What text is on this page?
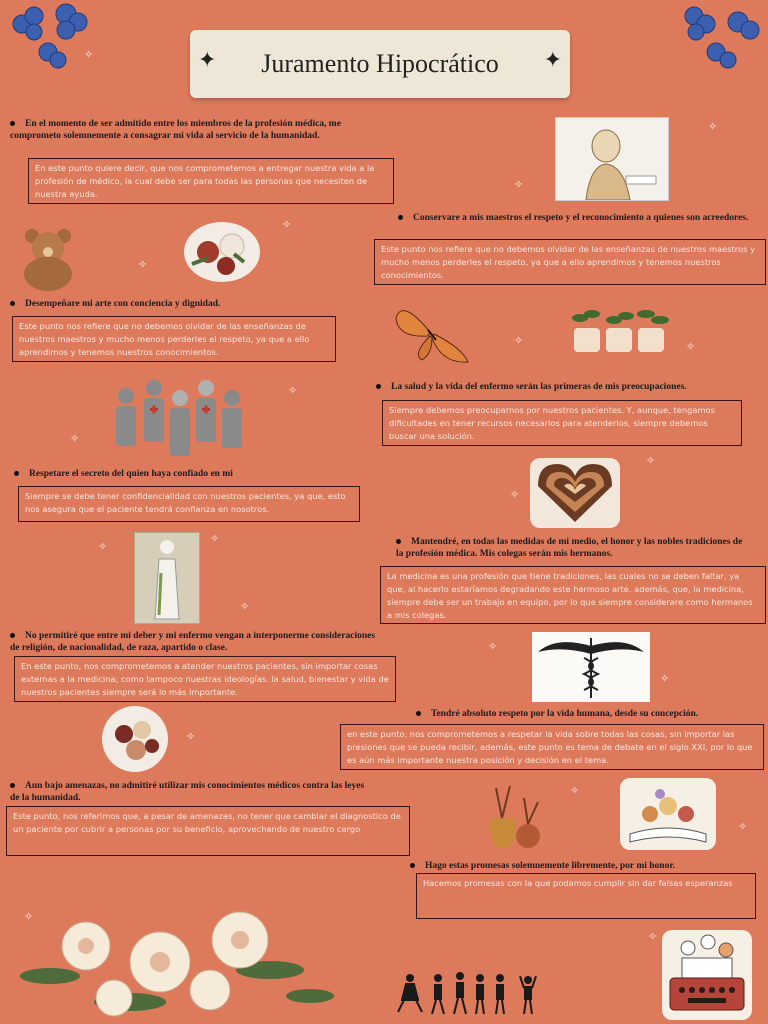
✦ Juramento Hipocrático ✦
En el momento de ser admitido entre los miembros de la profesión médica, me comprometo solemnemente a consagrar mi vida al servicio de la humanidad.
En este punto quiere decir, que nos comprometemos a entregar nuestra vida a la profesión de médico, la cual debe ser para todas las personas que necesiten de nuestra ayuda.
Conservare a mis maestros el respeto y el reconocimiento a quienes son acreedores.
Este punto nos refiere que no debemos olvidar de las enseñanzas de nuestros maestros y mucho menos perderles el respeto, ya que a ello aprendimos y tenemos nuestros conocimientos.
Desempeñare mi arte con conciencia y dignidad.
Este punto nos refiere que no debemos olvidar de las enseñanzas de nuestros maestros y mucho menos perderles el respeto, ya que a ello aprendimos y tenemos nuestros conocimientos.
La salud y la vida del enfermo serán las primeras de mis preocupaciones.
Siempre debemos preocuparnos por nuestros pacientes. Y, aunque, tengamos dificultades en tener recursos necesarios para atenderlos, siempre debemos buscar una solución.
Respetare el secreto del quien haya confiado en mi
Siempre se debe tener confidencialidad con nuestros pacientes, ya que, esto nos asegura que el paciente tendrá confianza en nosotros.
Mantendré, en todas las medidas de mi medio, el honor y las nobles tradiciones de la profesión médica. Mis colegas serán mis hermanos.
La medicina es una profesión que tiene tradiciones, las cuales no se deben faltar, ya que, al hacerlo estaríamos degradando este hermoso arte. además, que, la medicina, siempre debe ser un trabajo en equipo, por lo que siempre considerare como hermanos a mis colegas.
No permitiré que entre mi deber y mi enfermo vengan a interponerme consideraciones de religión, de nacionalidad, de raza, apartido o clase.
En este punto, nos comprometemos a atender nuestros pacientes, sin importar cosas externas a la medicina; como tampoco nuestras ideologías. la salud, bienestar y vida de nuestros pacientes siempre será lo más importante.
Tendré absoluto respeto por la vida humana, desde su concepción.
en este punto, nos comprometemos a respetar la vida sobre todas las cosas, sin importar las presiones que se pueda recibir, además, este punto es tema de debate en el siglo XXI, por lo que es aún más importante nuestra posición y decisión en el tema.
Aun bajo amenazas, no admitiré utilizar mis conocimientos médicos contra las leyes de la humanidad.
Este punto, nos referimos que, a pesar de amenazas, no tener que cambiar el diagnostico de un paciente por cubrir a personas por su beneficio, aprovechando de nuestro cargo
Hago estas promesas solemnemente libremente, por mi honor.
Hacemos promesas con la que podamos cumplir sin dar falsas esperanzas
✧
✧
✧
✧
✧
✧	✧
✧
✧
✧
✧
✧
✧
✧
✧
✧
✧
✧
✧
✧
✧
